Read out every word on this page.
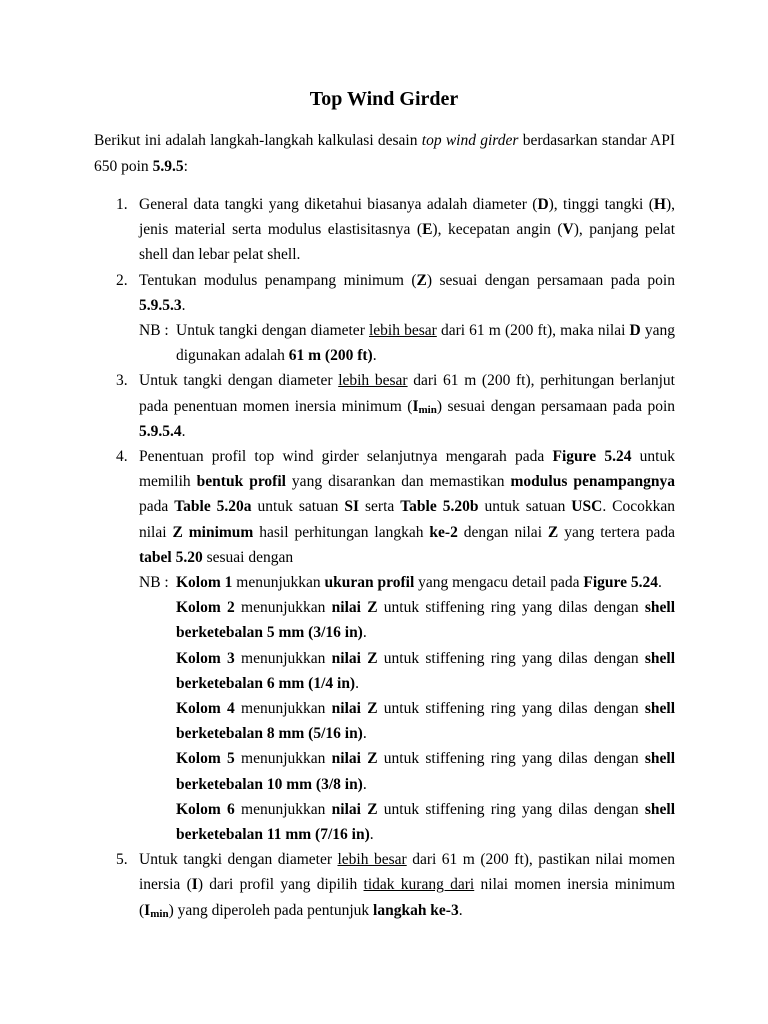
Top Wind Girder
Berikut ini adalah langkah-langkah kalkulasi desain top wind girder berdasarkan standar API 650 poin 5.9.5:
1. General data tangki yang diketahui biasanya adalah diameter (D), tinggi tangki (H), jenis material serta modulus elastisitasnya (E), kecepatan angin (V), panjang pelat shell dan lebar pelat shell.
2. Tentukan modulus penampang minimum (Z) sesuai dengan persamaan pada poin 5.9.5.3.
NB : Untuk tangki dengan diameter lebih besar dari 61 m (200 ft), maka nilai D yang digunakan adalah 61 m (200 ft).
3. Untuk tangki dengan diameter lebih besar dari 61 m (200 ft), perhitungan berlanjut pada penentuan momen inersia minimum $(I_{min})$ sesuai dengan persamaan pada poin 5.9.5.4.
4. Penentuan profil top wind girder selanjutnya mengarah pada Figure 5.24 untuk memilih bentuk profil yang disarankan dan memastikan modulus penampangnya pada Table 5.20a untuk satuan SI serta Table 5.20b untuk satuan USC. Cocokkan nilai Z minimum hasil perhitungan langkah ke-2 dengan nilai Z yang tertera pada tabel 5.20 sesuai dengan
NB : Kolom 1 menunjukkan ukuran profil yang mengacu detail pada Figure 5.24.
Kolom 2 menunjukkan nilai Z untuk stiffening ring yang dilas dengan shell berketebalan 5 mm (3/16 in).
Kolom 3 menunjukkan nilai Z untuk stiffening ring yang dilas dengan shell berketebalan 6 mm (1/4 in).
Kolom 4 menunjukkan nilai Z untuk stiffening ring yang dilas dengan shell berketebalan 8 mm (5/16 in).
Kolom 5 menunjukkan nilai Z untuk stiffening ring yang dilas dengan shell berketebalan 10 mm (3/8 in).
Kolom 6 menunjukkan nilai Z untuk stiffening ring yang dilas dengan shell berketebalan 11 mm (7/16 in).
5. Untuk tangki dengan diameter lebih besar dari 61 m (200 ft), pastikan nilai momen inersia (I) dari profil yang dipilih tidak kurang dari nilai momen inersia minimum $(I_{min})$ yang diperoleh pada pentunjuk langkah ke-3.
